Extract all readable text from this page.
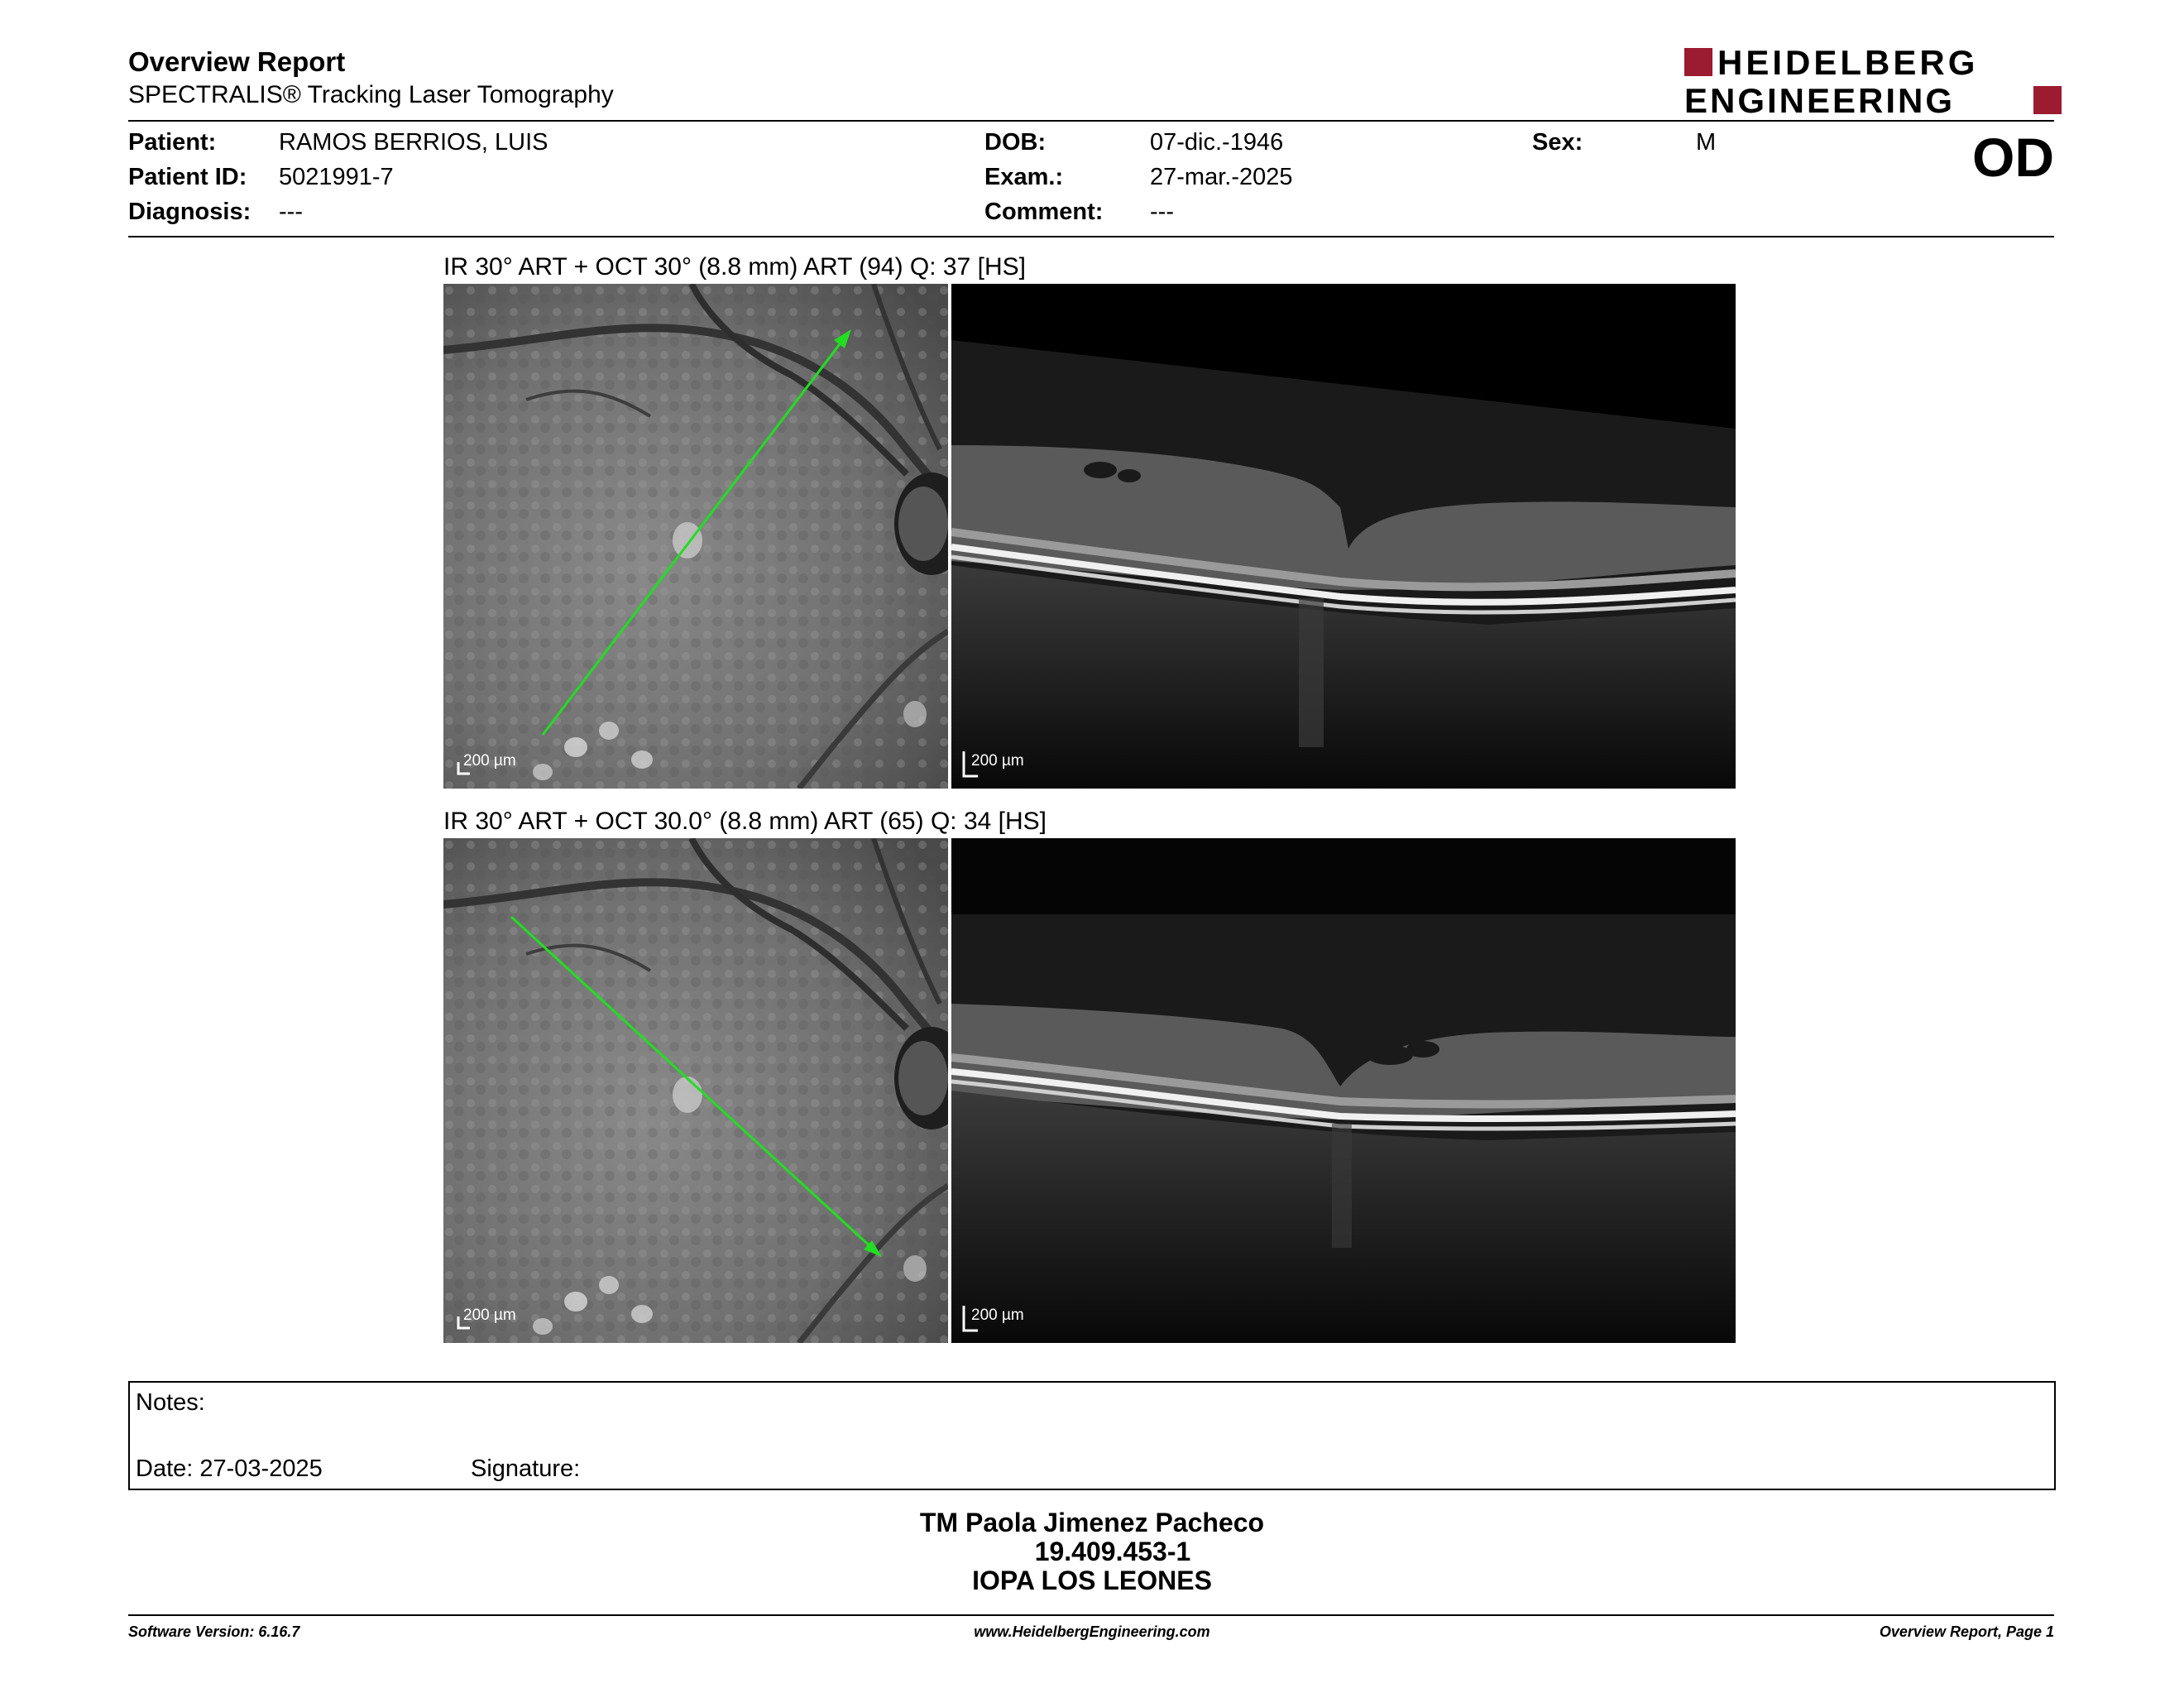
Overview Report
SPECTRALIS® Tracking Laser Tomography
HEIDELBERG
ENGINEERING
Patient:	RAMOS BERRIOS, LUIS
Patient ID: 5021991-7
Diagnosis: ---
DOB:	07-dic.-1946
Exam.:	27-mar.-2025
Comment: ---
Sex:	M	OD
IR 30° ART + OCT 30° (8.8 mm) ART (94) Q: 37 [HS]
200 µm	200 µm
IR 30° ART + OCT 30.0° (8.8 mm) ART (65) Q: 34 [HS]
200 µm	200 µm
Notes:
Date: 27-03-2025	Signature:
TM Paola Jimenez Pacheco
19.409.453-1
IOPA LOS LEONES
Software Version: 6.16.7	www.HeidelbergEngineering.com	Overview Report, Page 1
